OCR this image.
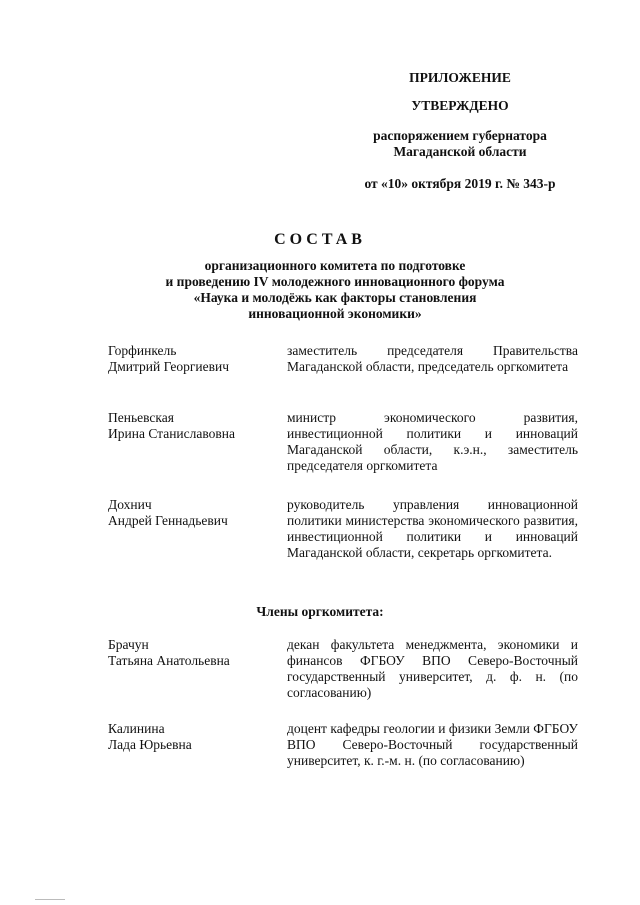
ПРИЛОЖЕНИЕ
УТВЕРЖДЕНО
распоряжением губернатора
Магаданской области
от «10» октября 2019 г. № 343-р
СОСТАВ
организационного комитета по подготовке
и проведению IV молодежного инновационного форума
«Наука и молодёжь как факторы становления
инновационной экономики»
Горфинкель
Дмитрий Георгиевич
заместитель председателя Правительства Магаданской области, председатель оргкомитета
Пеньевская
Ирина Станиславовна
министр экономического развития, инвестиционной политики и инноваций Магаданской области, к.э.н., заместитель председателя оргкомитета
Дохнич
Андрей Геннадьевич
руководитель управления инновационной политики министерства экономического развития, инвестиционной политики и инноваций Магаданской области, секретарь оргкомитета.
Члены оргкомитета:
Брачун
Татьяна Анатольевна
декан факультета менеджмента, экономики и финансов ФГБОУ ВПО Северо-Восточный государственный университет, д. ф. н. (по согласованию)
Калинина
Лада Юрьевна
доцент кафедры геологии и физики Земли ФГБОУ ВПО Северо-Восточный государственный университет, к. г.-м. н. (по согласованию)
